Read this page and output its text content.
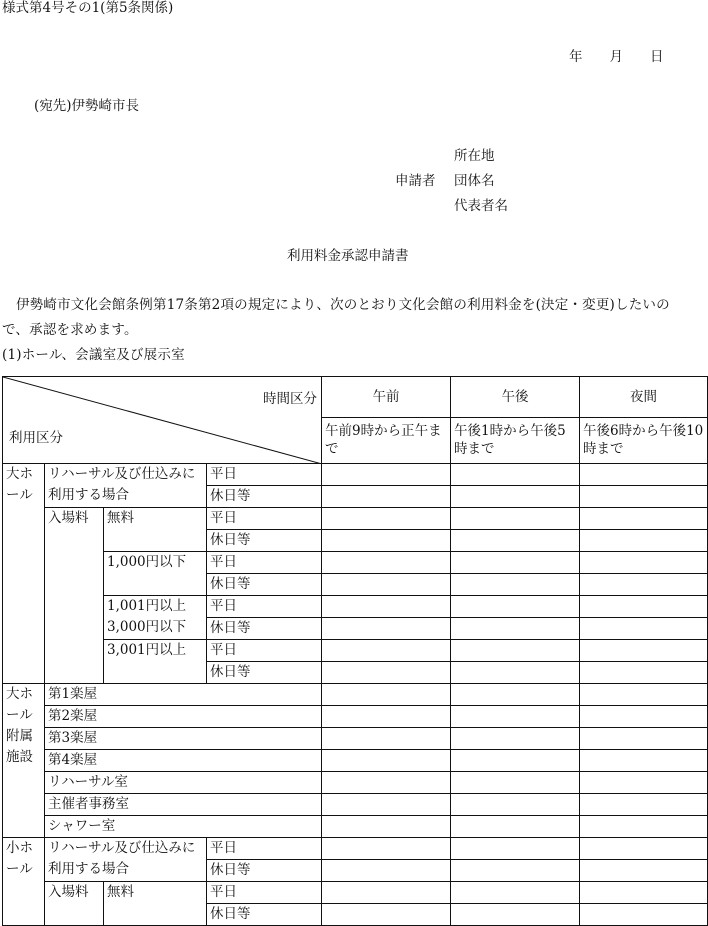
様式第4号その1(第5条関係)
年　　月　　日
(宛先)伊勢崎市長
所在地
申請者 団体名
代表者名
利用料金承認申請書
伊勢崎市文化会館条例第17条第2項の規定により、次のとおり文化会館の利用料金を(決定・変更)したいの
で、承認を求めます。
(1)ホール、会議室及び展示室
時間区分
利用区分				午前	午後	夜間
				午前9時から正午まで	午後1時から午後5時まで	午後6時から午後10時まで
大ホール	リハーサル及び仕込みに利用する場合		平日			
			休日等			
	入場料	無料	平日			
			休日等			
		1,000円以下	平日			
			休日等			
		1,001円以上3,000円以下	平日			
			休日等			
		3,001円以上	平日			
			休日等			
大ホール附属施設	第1楽屋					
	第2楽屋					
	第3楽屋					
	第4楽屋					
	リハーサル室					
	主催者事務室					
	シャワー室					
小ホール	リハーサル及び仕込みに利用する場合		平日			
			休日等			
	入場料	無料	平日			
			休日等			
